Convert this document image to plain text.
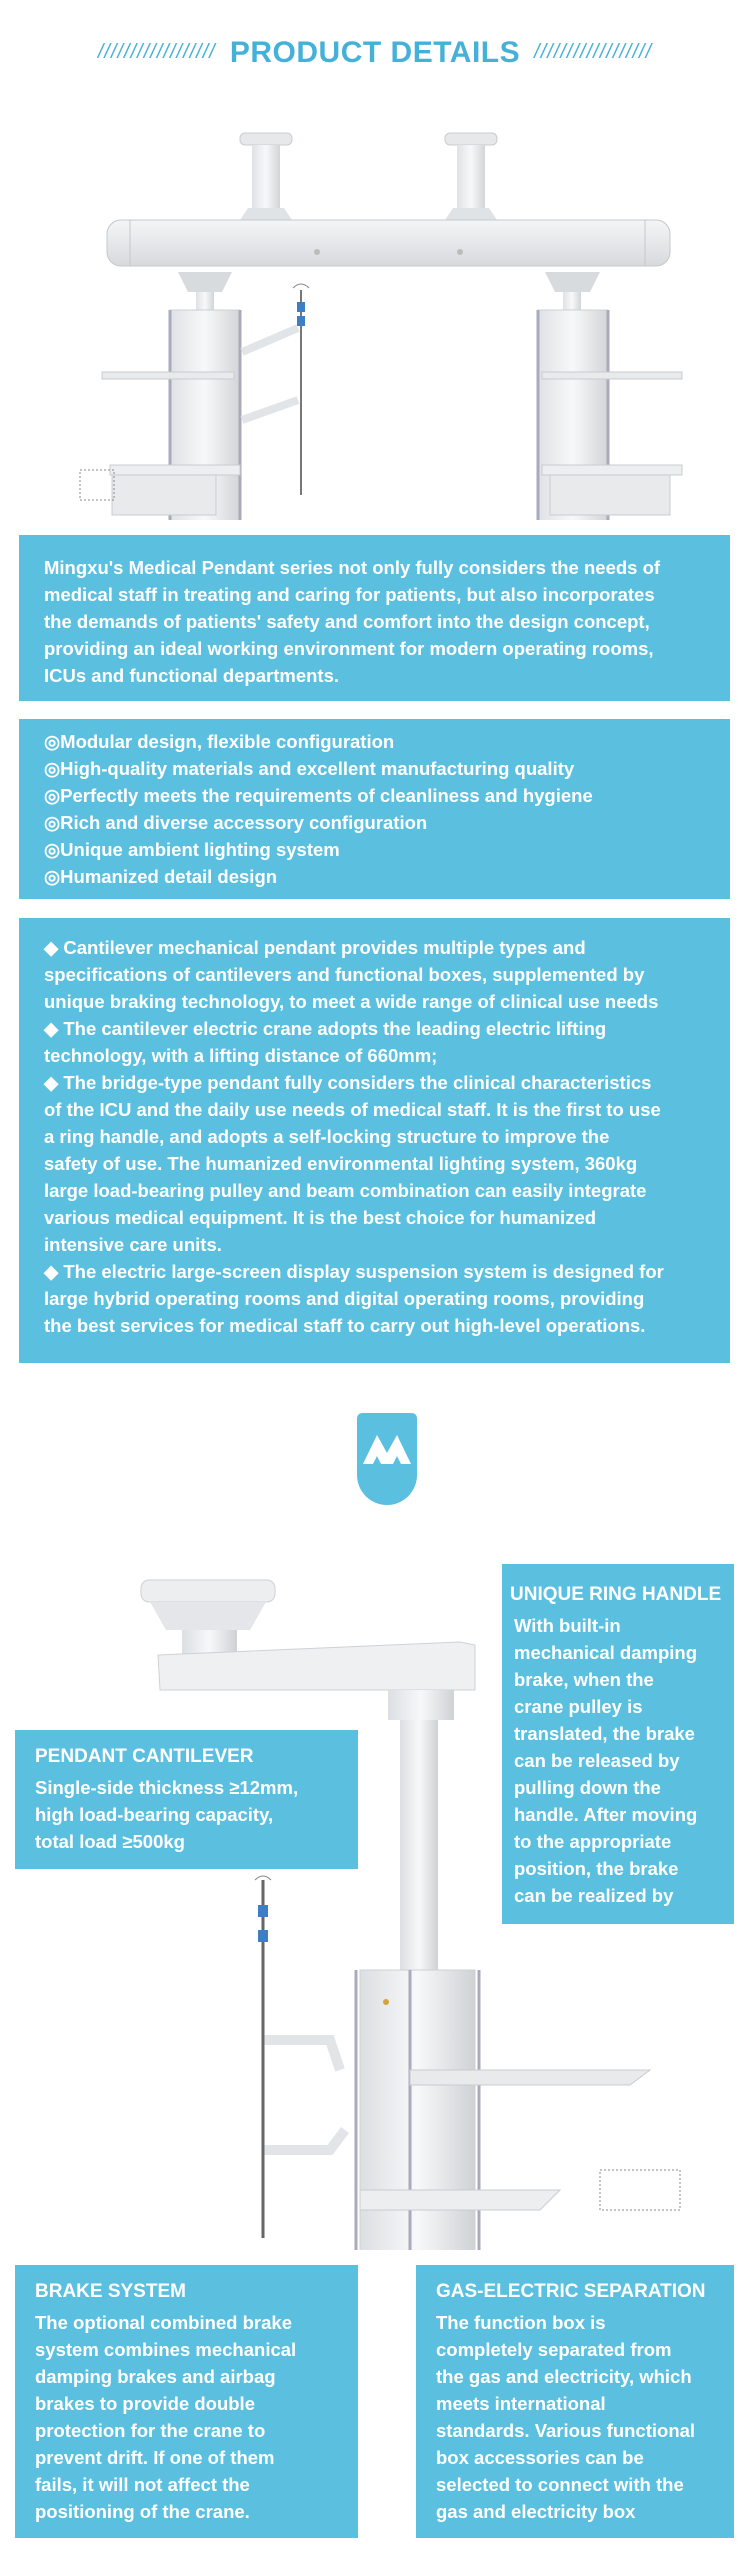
////////////////// PRODUCT DETAILS //////////////////
Mingxu's Medical Pendant series not only fully considers the needs of
medical staff in treating and caring for patients, but also incorporates
the demands of patients' safety and comfort into the design concept,
providing an ideal working environment for modern operating rooms,
ICUs and functional departments.
◎Modular design, flexible configuration
◎High-quality materials and excellent manufacturing quality
◎Perfectly meets the requirements of cleanliness and hygiene
◎Rich and diverse accessory configuration
◎Unique ambient lighting system
◎Humanized detail design
◆ Cantilever mechanical pendant provides multiple types and
specifications of cantilevers and functional boxes, supplemented by
unique braking technology, to meet a wide range of clinical use needs
◆ The cantilever electric crane adopts the leading electric lifting
technology, with a lifting distance of 660mm;
◆ The bridge-type pendant fully considers the clinical characteristics
of the ICU and the daily use needs of medical staff. It is the first to use
a ring handle, and adopts a self-locking structure to improve the
safety of use. The humanized environmental lighting system, 360kg
large load-bearing pulley and beam combination can easily integrate
various medical equipment. It is the best choice for humanized
intensive care units.
◆ The electric large-screen display suspension system is designed for
large hybrid operating rooms and digital operating rooms, providing
the best services for medical staff to carry out high-level operations.
UNIQUE RING HANDLE
With built-in
mechanical damping
brake, when the
crane pulley is
translated, the brake
can be released by
pulling down the
handle. After moving
to the appropriate
position, the brake
can be realized by
PENDANT CANTILEVER
Single-side thickness ≥12mm,
high load-bearing capacity,
total load ≥500kg
BRAKE SYSTEM
The optional combined brake
system combines mechanical
damping brakes and airbag
brakes to provide double
protection for the crane to
prevent drift. If one of them
fails, it will not affect the
positioning of the crane.
GAS-ELECTRIC SEPARATION
The function box is
completely separated from
the gas and electricity, which
meets international
standards. Various functional
box accessories can be
selected to connect with the
gas and electricity box
